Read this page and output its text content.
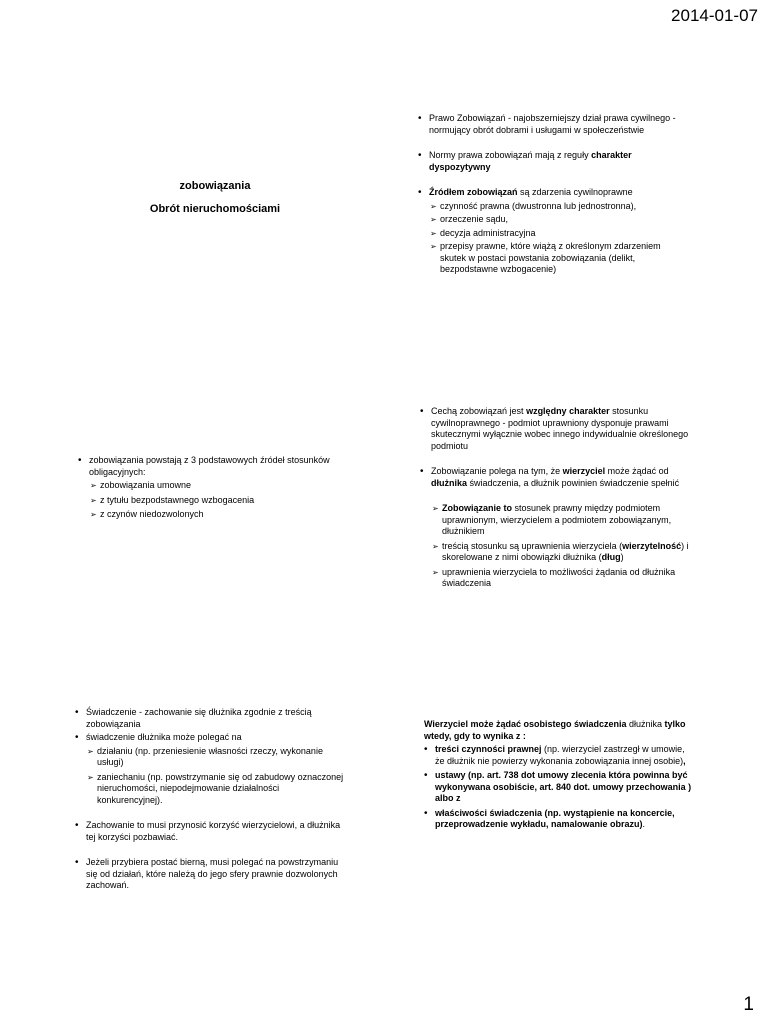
2014-01-07
zobowiązania
Obrót nieruchomościami
• Prawo Zobowiązań - najobszerniejszy dział prawa cywilnego - normujący obrót dobrami i usługami w społeczeństwie
• Normy prawa zobowiązań mają z reguły charakter dyspozytywny
• Źródłem zobowiązań są zdarzenia cywilnoprawne
➢ czynność prawna (dwustronna lub jednostronna),
➢ orzeczenie sądu,
➢ decyzja administracyjna
➢ przepisy prawne, które wiążą z określonym zdarzeniem skutek w postaci powstania zobowiązania (delikt, bezpodstawne wzbogacenie)
• zobowiązania powstają z 3 podstawowych źródeł stosunków obligacyjnych:
➢ zobowiązania umowne
➢ z tytułu bezpodstawnego wzbogacenia
➢ z czynów niedozwolonych
• Cechą zobowiązań jest względny charakter stosunku cywilnoprawnego - podmiot uprawniony dysponuje prawami skutecznymi wyłącznie wobec innego indywidualnie określonego podmiotu
• Zobowiązanie polega na tym, że wierzyciel może żądać od dłużnika świadczenia, a dłużnik powinien świadczenie spełnić
➢ Zobowiązanie to stosunek prawny między podmiotem uprawnionym, wierzycielem a podmiotem zobowiązanym, dłużnikiem
➢ treścią stosunku są uprawnienia wierzyciela (wierzytelność) i skorelowane z nimi obowiązki dłużnika (dług)
➢ uprawnienia wierzyciela to możliwości żądania od dłużnika świadczenia
• Świadczenie - zachowanie się dłużnika zgodnie z treścią zobowiązania
• świadczenie dłużnika może polegać na
➢ działaniu (np. przeniesienie własności rzeczy, wykonanie usługi)
➢ zaniechaniu (np. powstrzymanie się od zabudowy oznaczonej nieruchomości, niepodejmowanie działalności konkurencyjnej).
• Zachowanie to musi przynosić korzyść wierzycielowi, a dłużnika tej korzyści pozbawiać.
• Jeżeli przybiera postać bierną, musi polegać na powstrzymaniu się od działań, które należą do jego sfery prawnie dozwolonych zachowań.
Wierzyciel może żądać osobistego świadczenia dłużnika tylko wtedy, gdy to wynika z :
• treści czynności prawnej (np. wierzyciel zastrzegł w umowie, że dłużnik nie powierzy wykonania zobowiązania innej osobie),
• ustawy (np. art. 738 dot umowy zlecenia która powinna być wykonywana osobiście, art. 840 dot. umowy przechowania ) albo z
• właściwości świadczenia (np. wystąpienie na koncercie, przeprowadzenie wykładu, namalowanie obrazu).
1
